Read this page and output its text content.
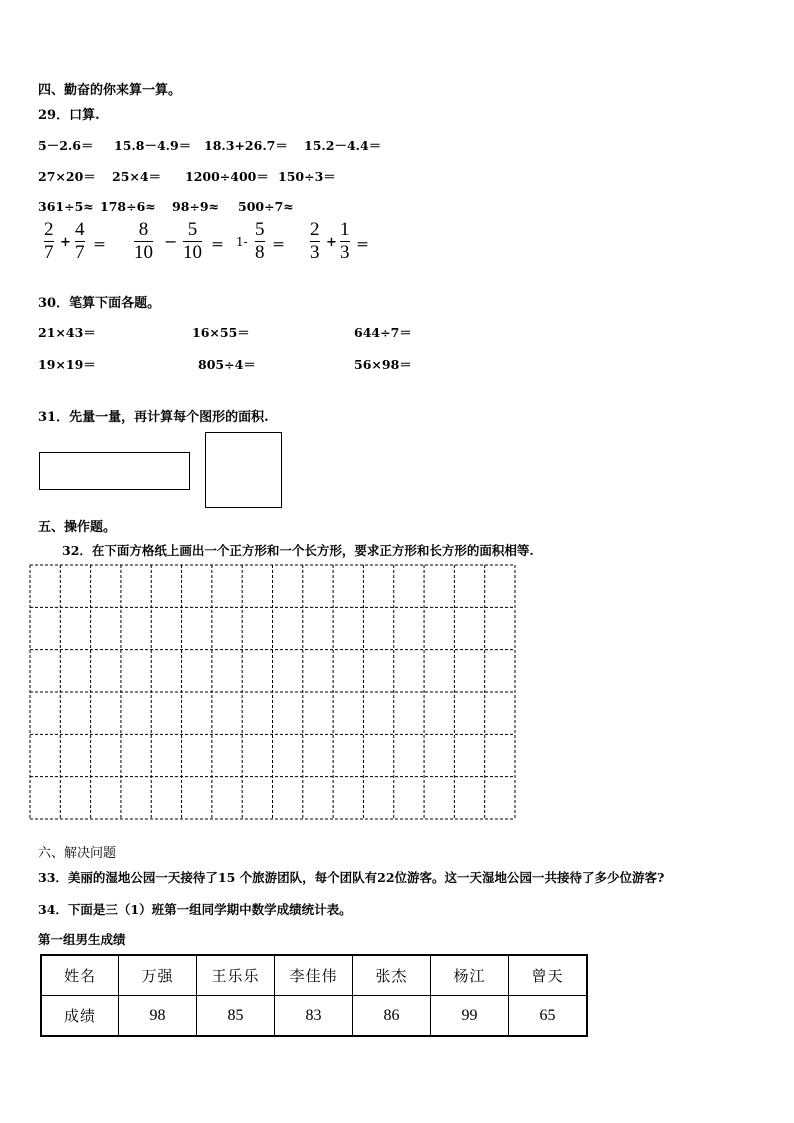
四、勤奋的你来算一算。
29．口算.
5－2.6＝ 15.8－4.9＝ 18.3+26.7＝ 15.2－4.4＝
27×20＝ 25×4＝ 1200÷400＝ 150÷3＝
361÷5≈ 178÷6≈ 98÷9≈ 500÷7≈
2
7 +
4
7 ＝
8
10
−
5
10 ＝ 1-
5
8 ＝
2
3 +
1
3 ＝
30．笔算下面各题。
21×43＝	16×55＝	644÷7＝
19×19＝	805÷4＝	56×98＝
31．先量一量，再计算每个图形的面积.
五、操作题。
32．在下面方格纸上画出一个正方形和一个长方形，要求正方形和长方形的面积相等.
六、解决问题
33．美丽的湿地公园一天接待了15 个旅游团队，每个团队有22位游客。这一天湿地公园一共接待了多少位游客?
34．下面是三（1）班第一组同学期中数学成绩统计表。
第一组男生成绩
姓名	万强	王乐乐	李佳伟	张杰	杨江	曾天
成绩	98	85	83	86	99	65
